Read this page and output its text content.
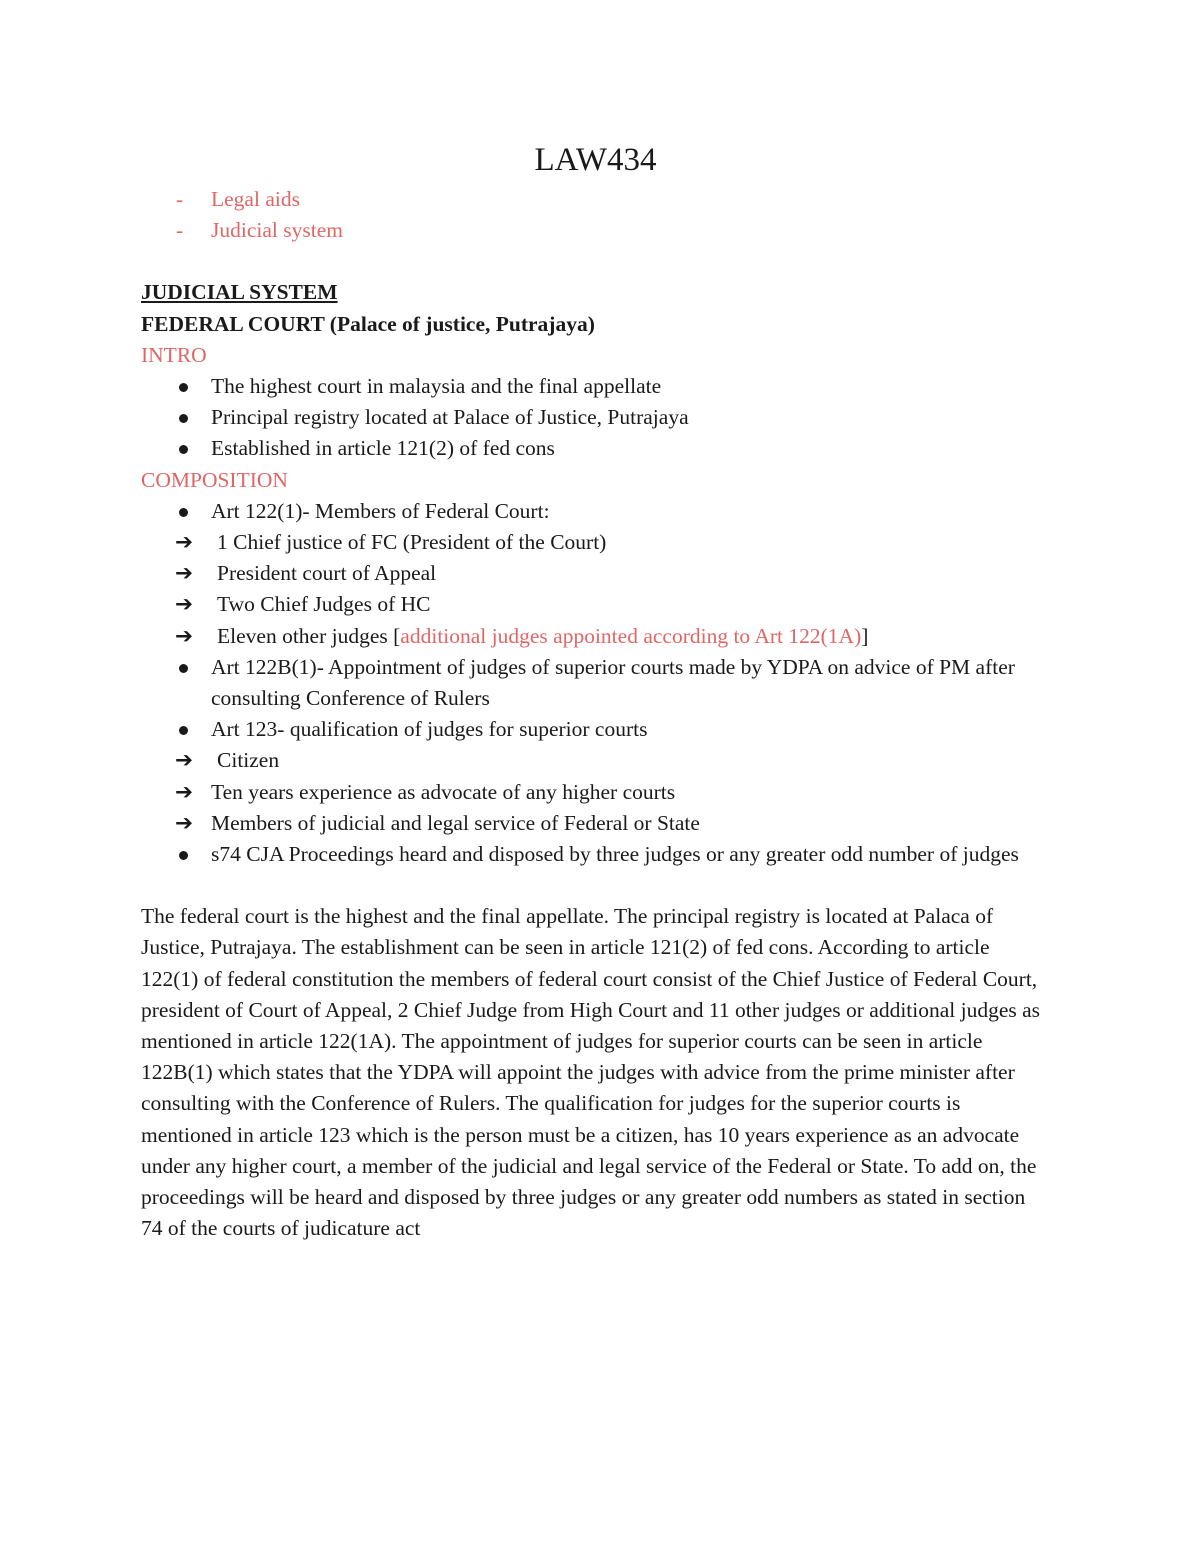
LAW434
- Legal aids
- Judicial system

JUDICIAL SYSTEM

FEDERAL COURT (Palace of justice, Putrajaya)

INTRO

The highest court in malaysia and the final appellate
Principal registry located at Palace of Justice, Putrajaya
Established in article 121(2) of fed cons

COMPOSITION

Art 122(1)- Members of Federal Court:
➔ 1 Chief justice of FC (President of the Court)
➔ President court of Appeal
➔ Two Chief Judges of HC
➔ Eleven other judges [additional judges appointed according to Art 122(1A)]
Art 122B(1)- Appointment of judges of superior courts made by YDPA on advice of PM after consulting Conference of Rulers
Art 123- qualification of judges for superior courts
➔ Citizen
➔ Ten years experience as advocate of any higher courts
➔ Members of judicial and legal service of Federal or State
s74 CJA Proceedings heard and disposed by three judges or any greater odd number of judges

The federal court is the highest and the final appellate. The principal registry is located at Palaca of Justice, Putrajaya. The establishment can be seen in article 121(2) of fed cons. According to article 122(1) of federal constitution the members of federal court consist of the Chief Justice of Federal Court, president of Court of Appeal, 2 Chief Judge from High Court and 11 other judges or additional judges as mentioned in article 122(1A). The appointment of judges for superior courts can be seen in article 122B(1) which states that the YDPA will appoint the judges with advice from the prime minister after consulting with the Conference of Rulers. The qualification for judges for the superior courts is mentioned in article 123 which is the person must be a citizen, has 10 years experience as an advocate under any higher court, a member of the judicial and legal service of the Federal or State. To add on, the proceedings will be heard and disposed by three judges or any greater odd numbers as stated in section 74 of the courts of judicature act
